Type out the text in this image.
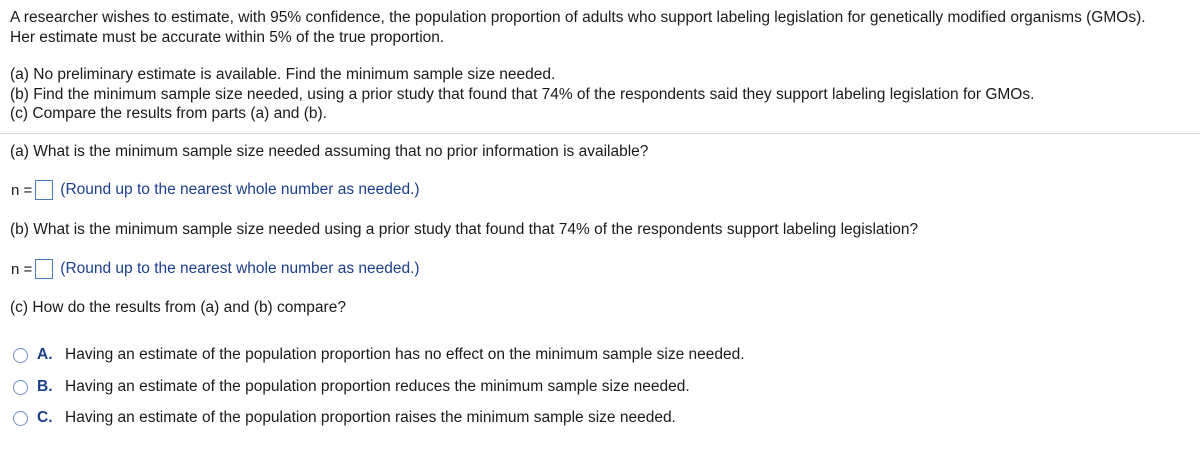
A researcher wishes to estimate, with 95% confidence, the population proportion of adults who support labeling legislation for genetically modified organisms (GMOs).
Her estimate must be accurate within 5% of the true proportion.
(a) No preliminary estimate is available. Find the minimum sample size needed.
(b) Find the minimum sample size needed, using a prior study that found that 74% of the respondents said they support labeling legislation for GMOs.
(c) Compare the results from parts (a) and (b).
(a) What is the minimum sample size needed assuming that no prior information is available?
n = (Round up to the nearest whole number as needed.)
(b) What is the minimum sample size needed using a prior study that found that 74% of the respondents support labeling legislation?
n = (Round up to the nearest whole number as needed.)
(c) How do the results from (a) and (b) compare?
A. Having an estimate of the population proportion has no effect on the minimum sample size needed.
B. Having an estimate of the population proportion reduces the minimum sample size needed.
C. Having an estimate of the population proportion raises the minimum sample size needed.
